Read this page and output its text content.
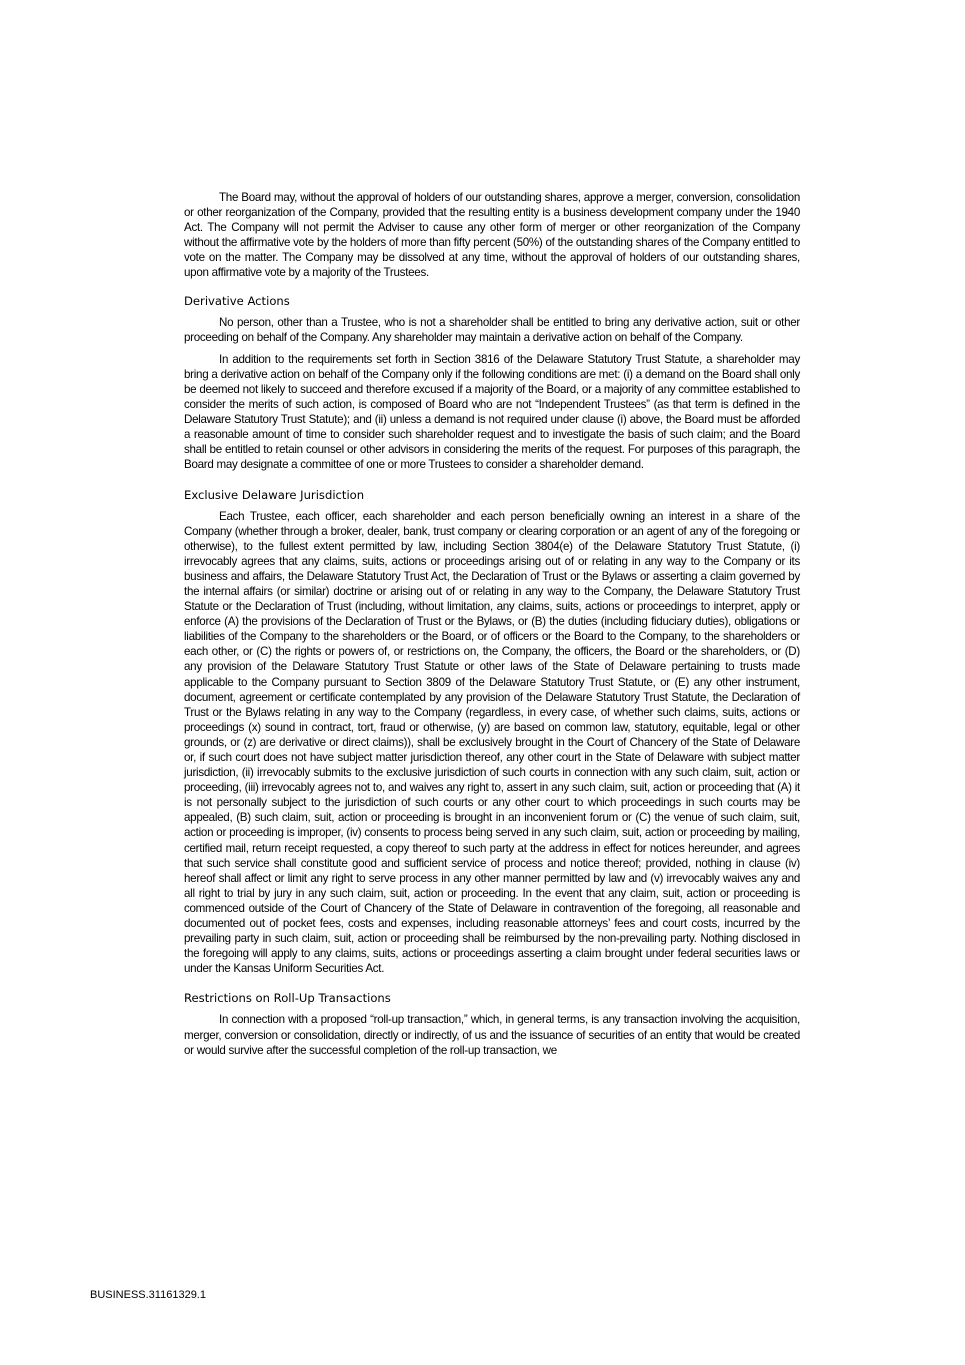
The Board may, without the approval of holders of our outstanding shares, approve a merger, conversion, consolidation or other reorganization of the Company, provided that the resulting entity is a business development company under the 1940 Act. The Company will not permit the Adviser to cause any other form of merger or other reorganization of the Company without the affirmative vote by the holders of more than fifty percent (50%) of the outstanding shares of the Company entitled to vote on the matter. The Company may be dissolved at any time, without the approval of holders of our outstanding shares, upon affirmative vote by a majority of the Trustees.

Derivative Actions

No person, other than a Trustee, who is not a shareholder shall be entitled to bring any derivative action, suit or other proceeding on behalf of the Company. Any shareholder may maintain a derivative action on behalf of the Company.

In addition to the requirements set forth in Section 3816 of the Delaware Statutory Trust Statute, a shareholder may bring a derivative action on behalf of the Company only if the following conditions are met: (i) a demand on the Board shall only be deemed not likely to succeed and therefore excused if a majority of the Board, or a majority of any committee established to consider the merits of such action, is composed of Board who are not “Independent Trustees” (as that term is defined in the Delaware Statutory Trust Statute); and (ii) unless a demand is not required under clause (i) above, the Board must be afforded a reasonable amount of time to consider such shareholder request and to investigate the basis of such claim; and the Board shall be entitled to retain counsel or other advisors in considering the merits of the request. For purposes of this paragraph, the Board may designate a committee of one or more Trustees to consider a shareholder demand.

Exclusive Delaware Jurisdiction

Each Trustee, each officer, each shareholder and each person beneficially owning an interest in a share of the Company (whether through a broker, dealer, bank, trust company or clearing corporation or an agent of any of the foregoing or otherwise), to the fullest extent permitted by law, including Section 3804(e) of the Delaware Statutory Trust Statute, (i) irrevocably agrees that any claims, suits, actions or proceedings arising out of or relating in any way to the Company or its business and affairs, the Delaware Statutory Trust Act, the Declaration of Trust or the Bylaws or asserting a claim governed by the internal affairs (or similar) doctrine or arising out of or relating in any way to the Company, the Delaware Statutory Trust Statute or the Declaration of Trust (including, without limitation, any claims, suits, actions or proceedings to interpret, apply or enforce (A) the provisions of the Declaration of Trust or the Bylaws, or (B) the duties (including fiduciary duties), obligations or liabilities of the Company to the shareholders or the Board, or of officers or the Board to the Company, to the shareholders or each other, or (C) the rights or powers of, or restrictions on, the Company, the officers, the Board or the shareholders, or (D) any provision of the Delaware Statutory Trust Statute or other laws of the State of Delaware pertaining to trusts made applicable to the Company pursuant to Section 3809 of the Delaware Statutory Trust Statute, or (E) any other instrument, document, agreement or certificate contemplated by any provision of the Delaware Statutory Trust Statute, the Declaration of Trust or the Bylaws relating in any way to the Company (regardless, in every case, of whether such claims, suits, actions or proceedings (x) sound in contract, tort, fraud or otherwise, (y) are based on common law, statutory, equitable, legal or other grounds, or (z) are derivative or direct claims)), shall be exclusively brought in the Court of Chancery of the State of Delaware or, if such court does not have subject matter jurisdiction thereof, any other court in the State of Delaware with subject matter jurisdiction, (ii) irrevocably submits to the exclusive jurisdiction of such courts in connection with any such claim, suit, action or proceeding, (iii) irrevocably agrees not to, and waives any right to, assert in any such claim, suit, action or proceeding that (A) it is not personally subject to the jurisdiction of such courts or any other court to which proceedings in such courts may be appealed, (B) such claim, suit, action or proceeding is brought in an inconvenient forum or (C) the venue of such claim, suit, action or proceeding is improper, (iv) consents to process being served in any such claim, suit, action or proceeding by mailing, certified mail, return receipt requested, a copy thereof to such party at the address in effect for notices hereunder, and agrees that such service shall constitute good and sufficient service of process and notice thereof; provided, nothing in clause (iv) hereof shall affect or limit any right to serve process in any other manner permitted by law and (v) irrevocably waives any and all right to trial by jury in any such claim, suit, action or proceeding. In the event that any claim, suit, action or proceeding is commenced outside of the Court of Chancery of the State of Delaware in contravention of the foregoing, all reasonable and documented out of pocket fees, costs and expenses, including reasonable attorneys’ fees and court costs, incurred by the prevailing party in such claim, suit, action or proceeding shall be reimbursed by the non-prevailing party. Nothing disclosed in the foregoing will apply to any claims, suits, actions or proceedings asserting a claim brought under federal securities laws or under the Kansas Uniform Securities Act.

Restrictions on Roll-Up Transactions

In connection with a proposed “roll-up transaction,” which, in general terms, is any transaction involving the acquisition, merger, conversion or consolidation, directly or indirectly, of us and the issuance of securities of an entity that would be created or would survive after the successful completion of the roll-up transaction, we

BUSINESS.31161329.1
